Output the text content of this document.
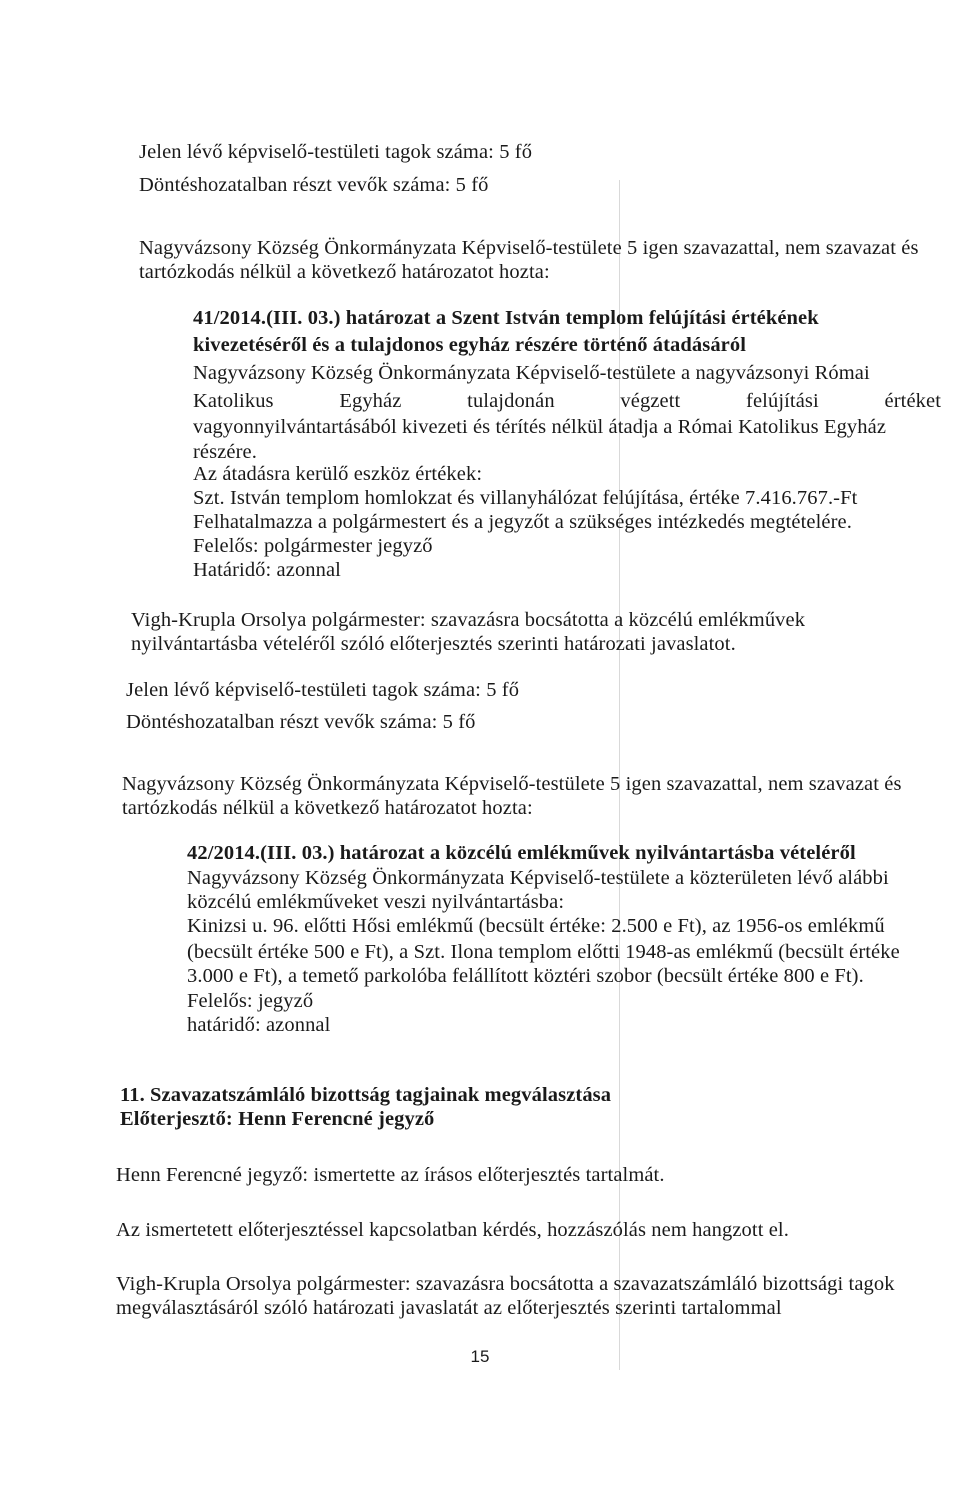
Jelen lévő képviselő-testületi tagok száma: 5 fő
Döntéshozatalban részt vevők száma: 5 fő
Nagyvázsony Község Önkormányzata Képviselő-testülete 5 igen szavazattal, nem szavazat és
tartózkodás nélkül a következő határozatot hozta:
41/2014.(III. 03.) határozat a Szent István templom felújítási értékének
kivezetéséről és a tulajdonos egyház részére történő átadásáról
Nagyvázsony Község Önkormányzata Képviselő-testülete a nagyvázsonyi Római
Katolikus Egyház tulajdonán végzett felújítási értéket
vagyonnyilvántartásából kivezeti és térítés nélkül átadja a Római Katolikus Egyház
részére.
Az átadásra kerülő eszköz értékek:
Szt. István templom homlokzat és villanyhálózat felújítása, értéke 7.416.767.-Ft
Felhatalmazza a polgármestert és a jegyzőt a szükséges intézkedés megtételére.
Felelős: polgármester jegyző
Határidő: azonnal
Vigh-Krupla Orsolya polgármester: szavazásra bocsátotta a közcélú emlékművek
nyilvántartásba vételéről szóló előterjesztés szerinti határozati javaslatot.
Jelen lévő képviselő-testületi tagok száma: 5 fő
Döntéshozatalban részt vevők száma: 5 fő
Nagyvázsony Község Önkormányzata Képviselő-testülete 5 igen szavazattal, nem szavazat és
tartózkodás nélkül a következő határozatot hozta:
42/2014.(III. 03.) határozat a közcélú emlékművek nyilvántartásba vételéről
Nagyvázsony Község Önkormányzata Képviselő-testülete a közterületen lévő alábbi
közcélú emlékműveket veszi nyilvántartásba:
Kinizsi u. 96. előtti Hősi emlékmű (becsült értéke: 2.500 e Ft), az 1956-os emlékmű
(becsült értéke 500 e Ft), a Szt. Ilona templom előtti 1948-as emlékmű (becsült értéke
3.000 e Ft), a temető parkolóba felállított köztéri szobor (becsült értéke 800 e Ft).
Felelős: jegyző
határidő: azonnal
11. Szavazatszámláló bizottság tagjainak megválasztása
Előterjesztő: Henn Ferencné jegyző
Henn Ferencné jegyző: ismertette az írásos előterjesztés tartalmát.
Az ismertetett előterjesztéssel kapcsolatban kérdés, hozzászólás nem hangzott el.
Vigh-Krupla Orsolya polgármester: szavazásra bocsátotta a szavazatszámláló bizottsági tagok
megválasztásáról szóló határozati javaslatát az előterjesztés szerinti tartalommal
15
